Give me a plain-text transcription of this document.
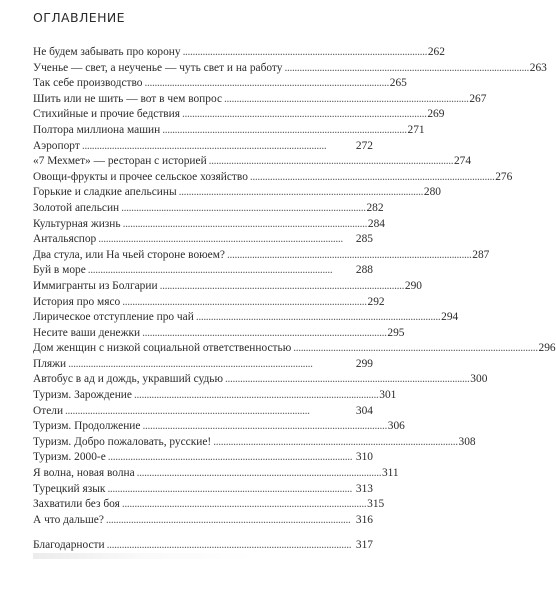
ОГЛАВЛЕНИЕ
Не будем забывать про корону . . .	262
Ученье — свет, а неученье — чуть свет и на работу . . .	263
Так себе производство . . .	265
Шить или не шить — вот в чем вопрос . . .	267
Стихийные и прочие бедствия . . .	269
Полтора миллиона машин . . .	271
Аэропорт . . .	272
«7 Мехмет» — ресторан с историей . . .	274
Овощи-фрукты и прочее сельское хозяйство . . .	276
Горькие и сладкие апельсины . . .	280
Золотой апельсин . . .	282
Культурная жизнь . . .	284
Антальяспор . . .	285
Два стула, или На чьей стороне воюем? . . .	287
Буй в море . . .	288
Иммигранты из Болгарии . . .	290
История про мясо . . .	292
Лирическое отступление про чай . . .	294
Несите ваши денежки . . .	295
Дом женщин с низкой социальной ответственностью . . .	296
Пляжи . . .	299
Автобус в ад и дождь, укравший судью . . .	300
Туризм. Зарождение . . .	301
Отели . . .	304
Туризм. Продолжение . . .	306
Туризм. Добро пожаловать, русские! . . .	308
Туризм. 2000-е . . .	310
Я волна, новая волна . . .	311
Турецкий язык . . .	313
Захватили без боя . . .	315
А что дальше? . . .	316
Благодарности . . .	317
